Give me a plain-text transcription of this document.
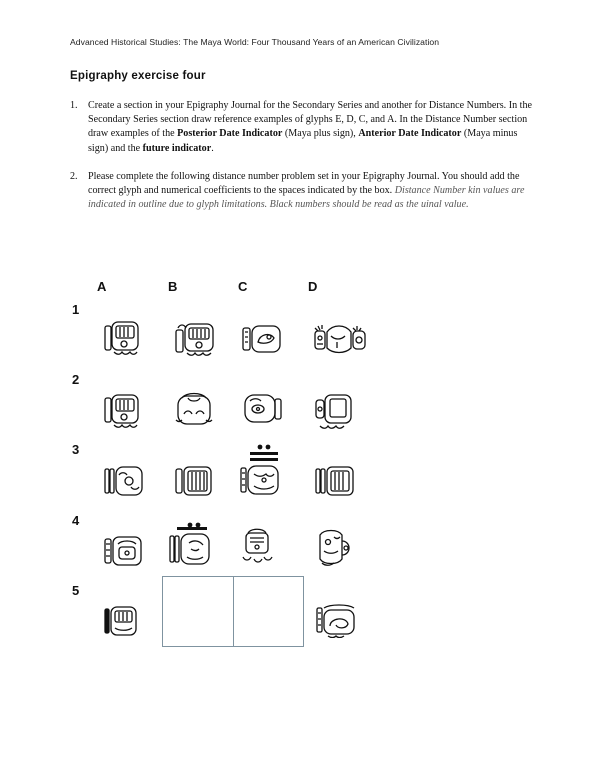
Advanced Historical Studies: The Maya World: Four Thousand Years of an American Civilization
Epigraphy exercise four

1. Create a section in your Epigraphy Journal for the Secondary Series and another for Distance Numbers. In the Secondary Series section draw reference examples of glyphs E, D, C, and A. In the Distance Number section draw examples of the Posterior Date Indicator (Maya plus sign), Anterior Date Indicator (Maya minus sign) and the future indicator.

2. Please complete the following distance number problem set in your Epigraphy Journal. You should add the correct glyph and numerical coefficients to the spaces indicated by the box. Distance Number kin values are indicated in outline due to glyph limitations. Black numbers should be read as the uinal value.

A	B	C	D
1
2
3
4
5
